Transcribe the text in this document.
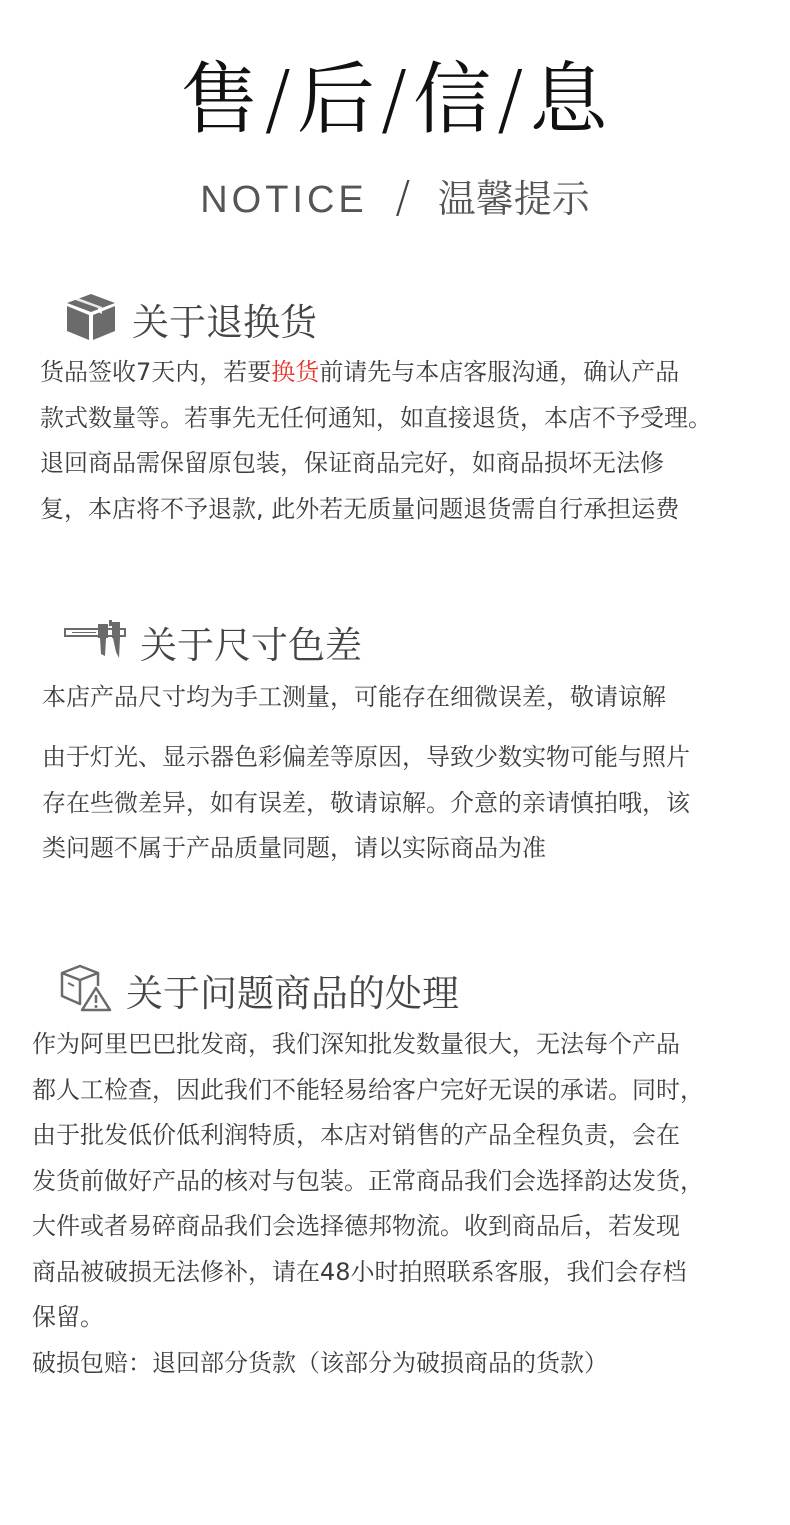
售/后/信/息
NOTICE / 温馨提示
关于退换货

货品签收7天内，若要换货前请先与本店客服沟通，确认产品
款式数量等。若事先无任何通知，如直接退货，本店不予受理。
退回商品需保留原包装，保证商品完好，如商品损坏无法修
复，本店将不予退款, 此外若无质量问题退货需自行承担运费

关于尺寸色差

本店产品尺寸均为手工测量，可能存在细微误差，敬请谅解

由于灯光、显示器色彩偏差等原因，导致少数实物可能与照片
存在些微差异，如有误差，敬请谅解。介意的亲请慎拍哦，该
类问题不属于产品质量同题，请以实际商品为准

关于问题商品的处理

作为阿里巴巴批发商，我们深知批发数量很大，无法每个产品
都人工检查，因此我们不能轻易给客户完好无误的承诺。同时，
由于批发低价低利润特质，本店对销售的产品全程负责，会在
发货前做好产品的核对与包装。正常商品我们会选择韵达发货，
大件或者易碎商品我们会选择德邦物流。收到商品后，若发现
商品被破损无法修补，请在48小时拍照联系客服，我们会存档
保留。
破损包赔：退回部分货款（该部分为破损商品的货款）
